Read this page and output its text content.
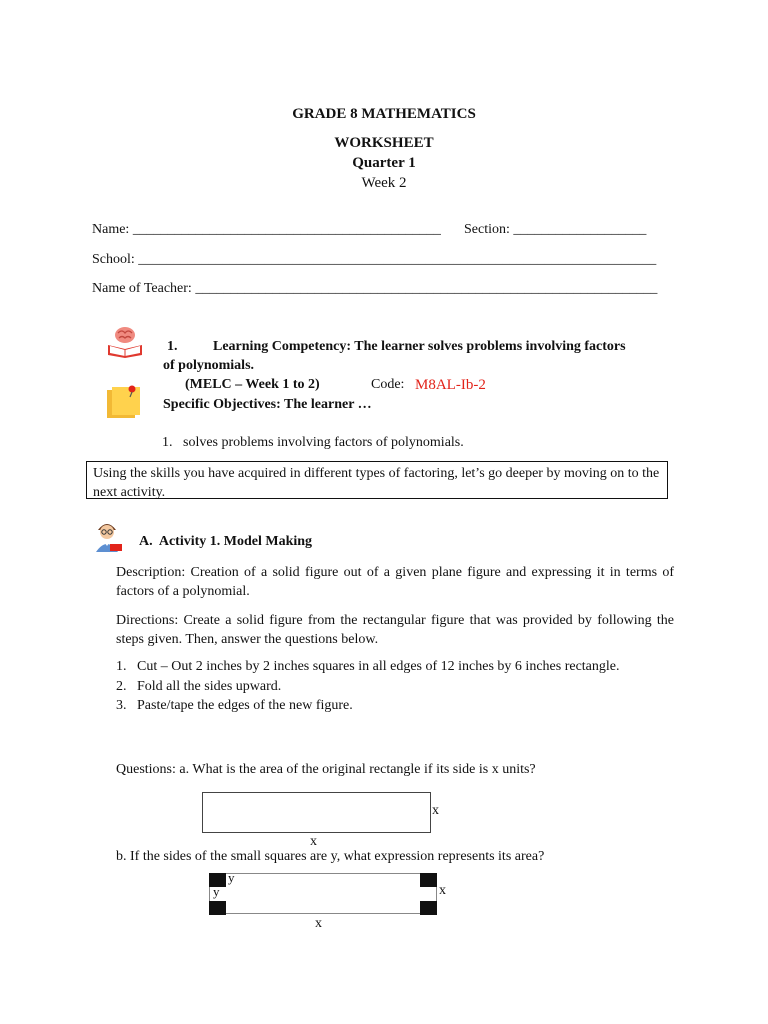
GRADE 8 MATHEMATICS
WORKSHEET
Quarter 1
Week 2
Name: ____________________________________________ Section: ___________________
School: __________________________________________________________________________
Name of Teacher: __________________________________________________________________
1.	Learning Competency: The learner solves problems involving factors
of polynomials.
(MELC – Week 1 to 2)	Code: M8AL-Ib-2
Specific Objectives: The learner …
1.   solves problems involving factors of polynomials.
Using the skills you have acquired in different types of factoring, let’s go deeper by moving on to the next activity.
A.  Activity 1. Model Making
Description: Creation of a solid figure out of a given plane figure and expressing it in terms of factors of a polynomial.
Directions: Create a solid figure from the rectangular figure that was provided by following the steps given. Then, answer the questions below.
1.   Cut – Out 2 inches by 2 inches squares in all edges of 12 inches by 6 inches rectangle.
2.   Fold all the sides upward.
3.   Paste/tape the edges of the new figure.
Questions: a. What is the area of the original rectangle if its side is x units?
x
x
b. If the sides of the small squares are y, what expression represents its area?
y
y	x
x
